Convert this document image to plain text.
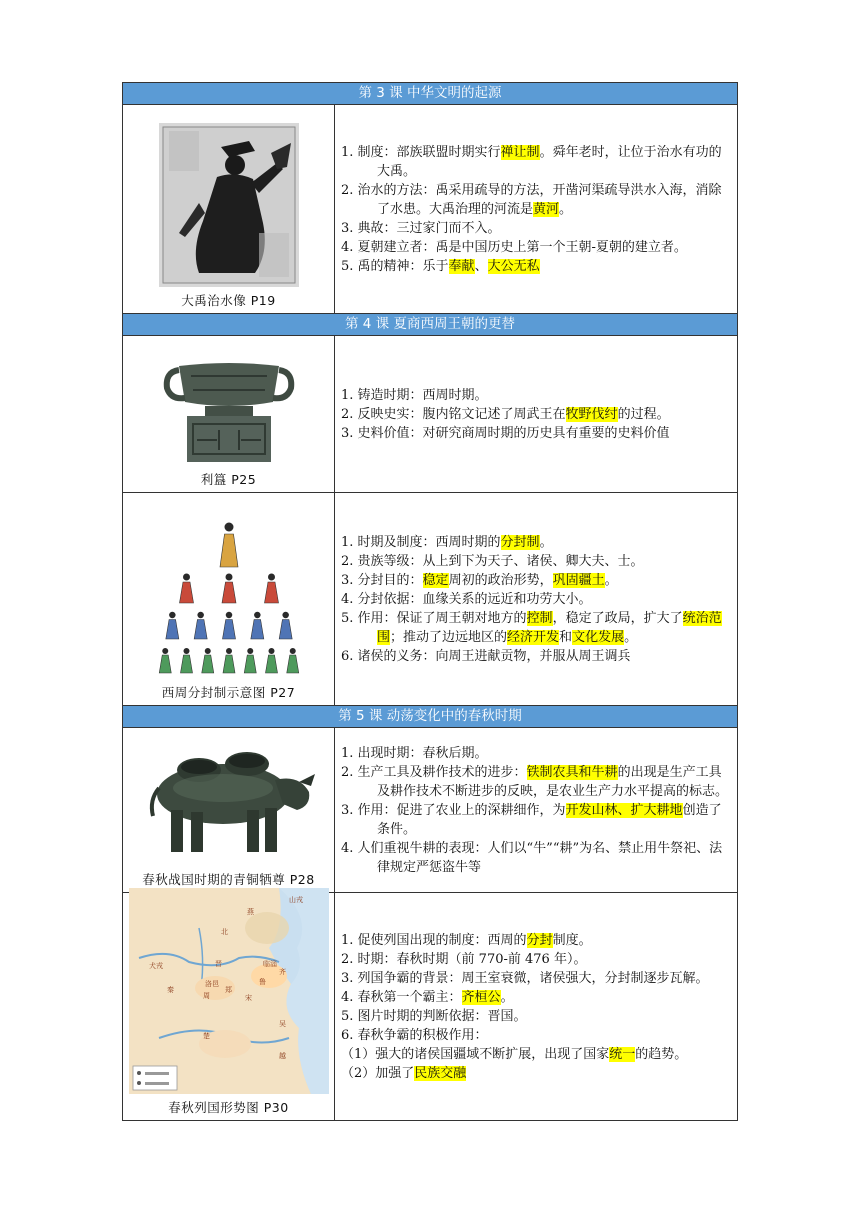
第 3 课 中华文明的起源
大禹治水像 P19

1. 制度：部族联盟时期实行禅让制。舜年老时，让位于治水有功的大禹。

2. 治水的方法：禹采用疏导的方法，开凿河渠疏导洪水入海，消除了水患。大禹治理的河流是黄河。

3. 典故：三过家门而不入。

4. 夏朝建立者：禹是中国历史上第一个王朝-夏朝的建立者。

5. 禹的精神：乐于奉献、大公无私

第 4 课 夏商西周王朝的更替
利簋 P25

1. 铸造时期：西周时期。

2. 反映史实：腹内铭文记述了周武王在牧野伐纣的过程。

3. 史料价值：对研究商周时期的历史具有重要的史料价值

西周分封制示意图 P27

1. 时期及制度：西周时期的分封制。

2. 贵族等级：从上到下为天子、诸侯、卿大夫、士。

3. 分封目的：稳定周初的政治形势，巩固疆土。

4. 分封依据：血缘关系的远近和功劳大小。

5. 作用：保证了周王朝对地方的控制，稳定了政局，扩大了统治范围；推动了边远地区的经济开发和文化发展。

6. 诸侯的义务：向周王进献贡物，并服从周王调兵

第 5 课 动荡变化中的春秋时期
春秋战国时期的青铜牺尊 P28

1. 出现时期：春秋后期。

2. 生产工具及耕作技术的进步：铁制农具和牛耕的出现是生产工具及耕作技术不断进步的反映，是农业生产力水平提高的标志。

3. 作用：促进了农业上的深耕细作，为开发山林、扩大耕地创造了条件。

4. 人们重视牛耕的表现：人们以“牛”“耕”为名、禁止用牛祭祀、法律规定严惩盗牛等

山戎
燕
北
齐
晋
鲁
宋
周
郑
秦
楚
吴
越
犬戎
洛邑
临淄
春秋列国形势图 P30

1. 促使列国出现的制度：西周的分封制度。

2. 时期：春秋时期（前 770-前 476 年）。

3. 列国争霸的背景：周王室衰微，诸侯强大，分封制逐步瓦解。

4. 春秋第一个霸主：齐桓公。

5. 图片时期的判断依据：晋国。

6. 春秋争霸的积极作用：

（1）强大的诸侯国疆域不断扩展，出现了国家统一的趋势。

（2）加强了民族交融
